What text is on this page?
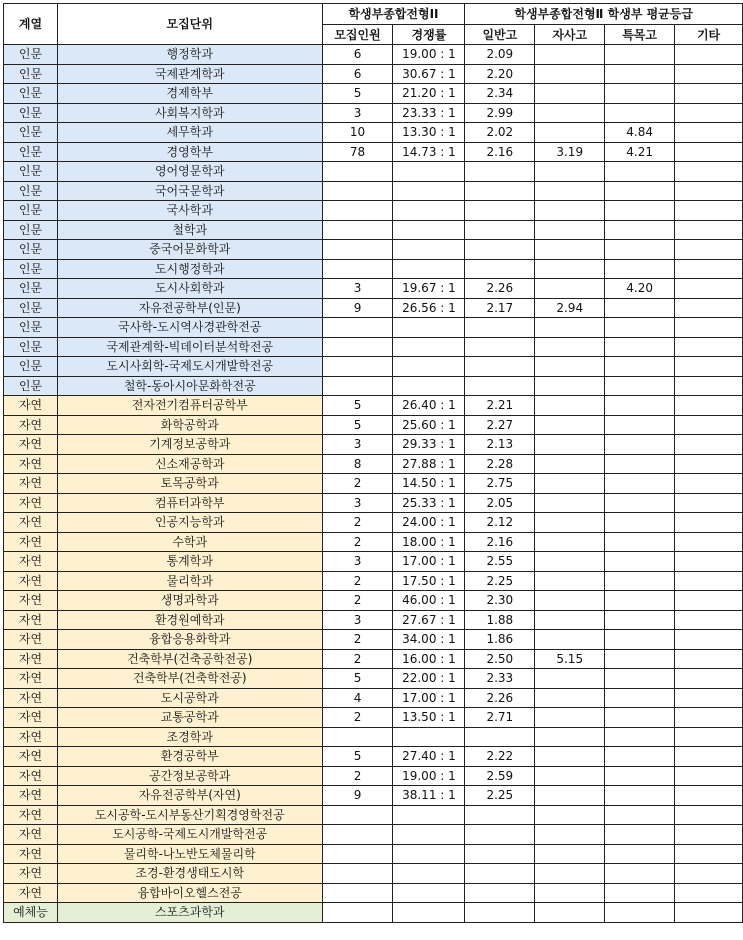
계열	모집단위	학생부종합전형II		학생부종합전형Ⅱ 학생부 평균등급			
		모집인원	경쟁률	일반고	자사고	특목고	기타
인문	행정학과	6	19.00 : 1	2.09			
인문	국제관계학과	6	30.67 : 1	2.20			
인문	경제학부	5	21.20 : 1	2.34			
인문	사회복지학과	3	23.33 : 1	2.99			
인문	세무학과	10	13.30 : 1	2.02		4.84	
인문	경영학부	78	14.73 : 1	2.16	3.19	4.21	
인문	영어영문학과						
인문	국어국문학과						
인문	국사학과						
인문	철학과						
인문	중국어문화학과						
인문	도시행정학과						
인문	도시사회학과	3	19.67 : 1	2.26		4.20	
인문	자유전공학부(인문)	9	26.56 : 1	2.17	2.94		
인문	국사학-도시역사경관학전공						
인문	국제관계학-빅데이터분석학전공						
인문	도시사회학-국제도시개발학전공						
인문	철학-동아시아문화학전공						
자연	전자전기컴퓨터공학부	5	26.40 : 1	2.21			
자연	화학공학과	5	25.60 : 1	2.27			
자연	기계정보공학과	3	29.33 : 1	2.13			
자연	신소재공학과	8	27.88 : 1	2.28			
자연	토목공학과	2	14.50 : 1	2.75			
자연	컴퓨터과학부	3	25.33 : 1	2.05			
자연	인공지능학과	2	24.00 : 1	2.12			
자연	수학과	2	18.00 : 1	2.16			
자연	통계학과	3	17.00 : 1	2.55			
자연	물리학과	2	17.50 : 1	2.25			
자연	생명과학과	2	46.00 : 1	2.30			
자연	환경원예학과	3	27.67 : 1	1.88			
자연	융합응용화학과	2	34.00 : 1	1.86			
자연	건축학부(건축공학전공)	2	16.00 : 1	2.50	5.15		
자연	건축학부(건축학전공)	5	22.00 : 1	2.33			
자연	도시공학과	4	17.00 : 1	2.26			
자연	교통공학과	2	13.50 : 1	2.71			
자연	조경학과						
자연	환경공학부	5	27.40 : 1	2.22			
자연	공간정보공학과	2	19.00 : 1	2.59			
자연	자유전공학부(자연)	9	38.11 : 1	2.25			
자연	도시공학-도시부동산기획경영학전공						
자연	도시공학-국제도시개발학전공						
자연	물리학-나노반도체물리학						
자연	조경-환경생태도시학						
자연	융합바이오헬스전공						
예체능	스포츠과학과						
